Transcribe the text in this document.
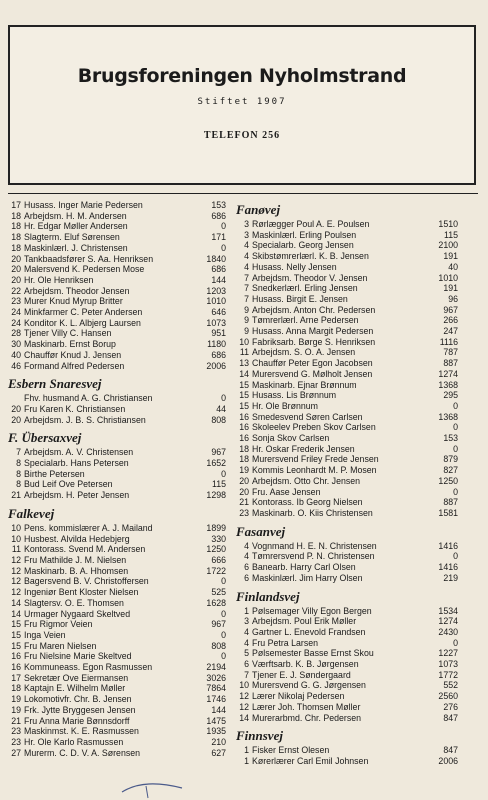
Brugsforeningen Nyholmstrand
Stiftet 1907
TELEFON 256
17 Husass. Inger Marie Pedersen	153
18 Arbejdsm. H. M. Andersen	686
18 Hr. Edgar Møller Andersen	0
18 Slagterm. Eluf Sørensen	171
18 Maskinlærl. J. Christensen	0
20 Tankbaadsfører S. Aa. Henriksen	1840
20 Malersvend K. Pedersen Mose	686
20 Hr. Ole Henriksen	144
22 Arbejdsm. Theodor Jensen	1203
23 Murer Knud Myrup Britter	1010
24 Minkfarmer C. Peter Andersen	646
24 Konditor K. L. Albjerg Laursen	1073
28 Tjener Villy C. Hansen	951
30 Maskinarb. Ernst Borup	1180
40 Chauffør Knud J. Jensen	686
46 Formand Alfred Pedersen	2006
Esbern Snaresvej
Fhv. husmand A. G. Christiansen	0
20 Fru Karen K. Christiansen	44
20 Arbejdsm. J. B. S. Christiansen	808
F. Übersaxvej
7 Arbejdsm. A. V. Christensen	967
8 Specialarb. Hans Petersen	1652
8 Birthe Petersen	0
8 Bud Leif Ove Petersen	115
21 Arbejdsm. H. Peter Jensen	1298
Falkevej
10 Pens. kommislærer A. J. Mailand	1899
10 Husbest. Alvilda Hedebjerg	330
11 Kontorass. Svend M. Andersen	1250
12 Fru Mathilde J. M. Nielsen	666
12 Maskinarb. B. A. Hhomsen	1722
12 Bagersvend B. V. Christoffersen	0
12 Ingeniør Bent Kloster Nielsen	525
14 Slagtersv. O. E. Thomsen	1628
14 Urmager Nygaard Skeltved	0
15 Fru Rigmor Veien	967
15 Inga Veien	0
15 Fru Maren Nielsen	808
16 Fru Nielsine Marie Skeltved	0
16 Kommuneass. Egon Rasmussen	2194
17 Sekretær Ove Eiermansen	3026
18 Kaptajn E. Wilhelm Møller	7864
19 Lokomotivfr. Chr. B. Jensen	1746
19 Frk. Jytte Bryggesen Jensen	144
21 Fru Anna Marie Bønnsdorff	1475
23 Maskinmst. K. E. Rasmussen	1935
23 Hr. Ole Karlo Rasmussen	210
27 Murerm. C. D. V. A. Sørensen	627
Fanøvej
3 Rørlægger Poul A. E. Poulsen	1510
3 Maskinlærl. Erling Poulsen	115
4 Specialarb. Georg Jensen	2100
4 Skibstømrerlærl. K. B. Jensen	191
4 Husass. Nelly Jensen	40
7 Arbejdsm. Theodor V. Jensen	1010
7 Snedkerlærl. Erling Jensen	191
7 Husass. Birgit E. Jensen	96
9 Arbejdsm. Anton Chr. Pedersen	967
9 Tømrerlærl. Arne Pedersen	266
9 Husass. Anna Margit Pedersen	247
10 Fabriksarb. Børge S. Henriksen	1116
11 Arbejdsm. S. O. A. Jensen	787
13 Chauffør Peter Egon Jacobsen	887
14 Murersvend G. Mølholt Jensen	1274
15 Maskinarb. Ejnar Brønnum	1368
15 Husass. Lis Brønnum	295
15 Hr. Ole Brønnum	0
16 Smedesvend Søren Carlsen	1368
16 Skoleelev Preben Skov Carlsen	0
16 Sonja Skov Carlsen	153
18 Hr. Oskar Frederik Jensen	0
18 Murersvend Friley Frede Jensen	879
19 Kommis Leonhardt M. P. Mosen	827
20 Arbejdsm. Otto Chr. Jensen	1250
20 Fru. Aase Jensen	0
21 Kontorass. Ib Georg Nielsen	887
23 Maskinarb. O. Kiis Christensen	1581
Fasanvej
4 Vognmand H. E. N. Christensen	1416
4 Tømrersvend P. N. Christensen	0
6 Banearb. Harry Carl Olsen	1416
6 Maskinlærl. Jim Harry Olsen	219
Finlandsvej
1 Pølsemager Villy Egon Bergen	1534
3 Arbejdsm. Poul Erik Møller	1274
4 Gartner L. Enevold Frandsen	2430
4 Fru Petra Larsen	0
5 Pølsemester Basse Ernst Skou	1227
6 Værftsarb. K. B. Jørgensen	1073
7 Tjener E. J. Søndergaard	1772
10 Murersvend G. G. Jørgensen	552
12 Lærer Nikolaj Pedersen	2560
12 Lærer Joh. Thomsen Møller	276
14 Murerarbmd. Chr. Pedersen	847
Finnsvej
1 Fisker Ernst Olesen	847
1 Kørerlærer Carl Emil Johnsen	2006
